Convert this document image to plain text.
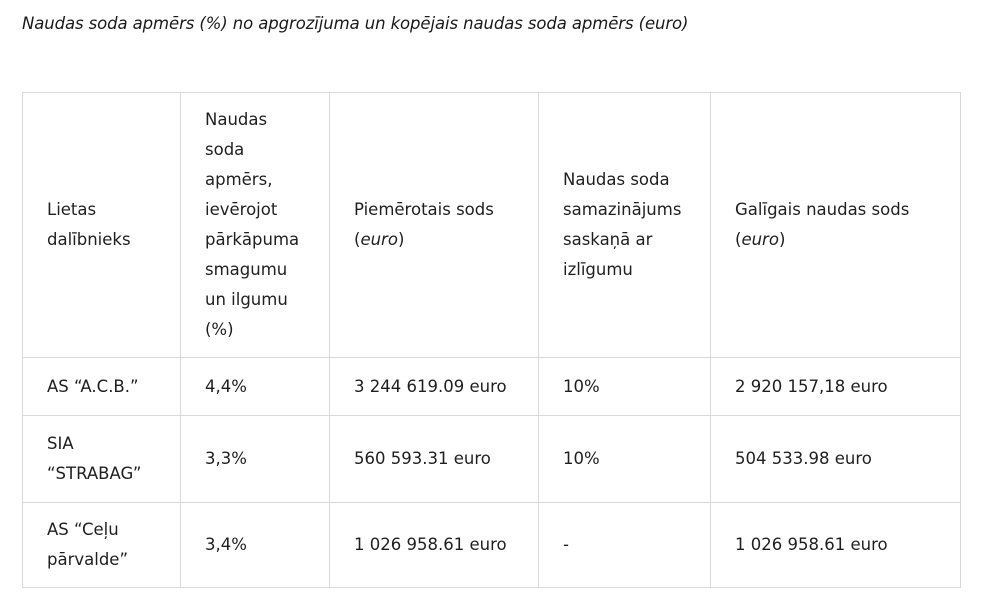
Naudas soda apmērs (%) no apgrozījuma un kopējais naudas soda apmērs (euro)
Lietas dalībnieks	Naudas soda apmērs, ievērojot pārkāpuma smagumu un ilgumu (%)	Piemērotais sods (euro)	Naudas soda samazinājums saskaņā ar izlīgumu	Galīgais naudas sods (euro)
AS “A.C.B.”	4,4%	3 244 619.09 euro	10%	2 920 157,18 euro
SIA “STRABAG”	3,3%	560 593.31 euro	10%	504 533.98 euro
AS “Ceļu pārvalde”	3,4%	1 026 958.61 euro	-	1 026 958.61 euro
